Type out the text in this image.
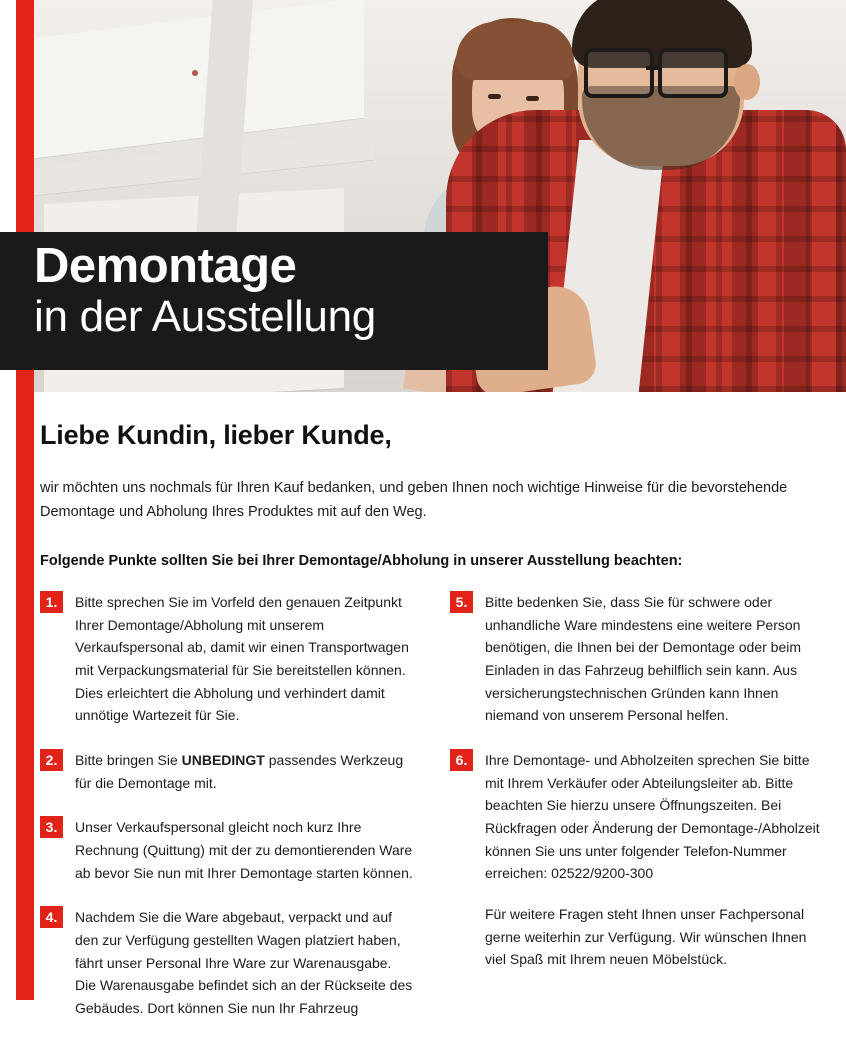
Demontage
in der Ausstellung
Liebe Kundin, lieber Kunde,

wir möchten uns nochmals für Ihren Kauf bedanken, und geben Ihnen noch wichtige Hinweise für die bevorstehende Demontage und Abholung Ihres Produktes mit auf den Weg.

Folgende Punkte sollten Sie bei Ihrer Demontage/Abholung in unserer Ausstellung beachten:

1.	Bitte sprechen Sie im Vorfeld den genauen Zeitpunkt Ihrer Demontage/Abholung mit unserem Verkaufspersonal ab, damit wir einen Transportwagen mit Verpackungsmaterial für Sie bereitstellen können. Dies erleichtert die Abholung und verhindert damit unnötige Wartezeit für Sie.
2.	Bitte bringen Sie UNBEDINGT passendes Werkzeug für die Demontage mit.
3.	Unser Verkaufspersonal gleicht noch kurz Ihre Rechnung (Quittung) mit der zu demontierenden Ware ab bevor Sie nun mit Ihrer Demontage starten können.
4.	Nachdem Sie die Ware abgebaut, verpackt und auf den zur Verfügung gestellten Wagen platziert haben, fährt unser Personal Ihre Ware zur Warenausgabe. Die Warenausgabe befindet sich an der Rückseite des Gebäudes. Dort können Sie nun Ihr Fahrzeug
5.	Bitte bedenken Sie, dass Sie für schwere oder unhandliche Ware mindestens eine weitere Person benötigen, die Ihnen bei der Demontage oder beim Einladen in das Fahrzeug behilflich sein kann. Aus versicherungstechnischen Gründen kann Ihnen niemand von unserem Personal helfen.
6.	Ihre Demontage- und Abholzeiten sprechen Sie bitte mit Ihrem Verkäufer oder Abteilungsleiter ab. Bitte beachten Sie hierzu unsere Öffnungszeiten. Bei Rückfragen oder Änderung der Demontage-/Abholzeit können Sie uns unter folgender Telefon-Nummer erreichen: 02522/9200-300
Für weitere Fragen steht Ihnen unser Fachpersonal gerne weiterhin zur Verfügung. Wir wünschen Ihnen viel Spaß mit Ihrem neuen Möbelstück.
